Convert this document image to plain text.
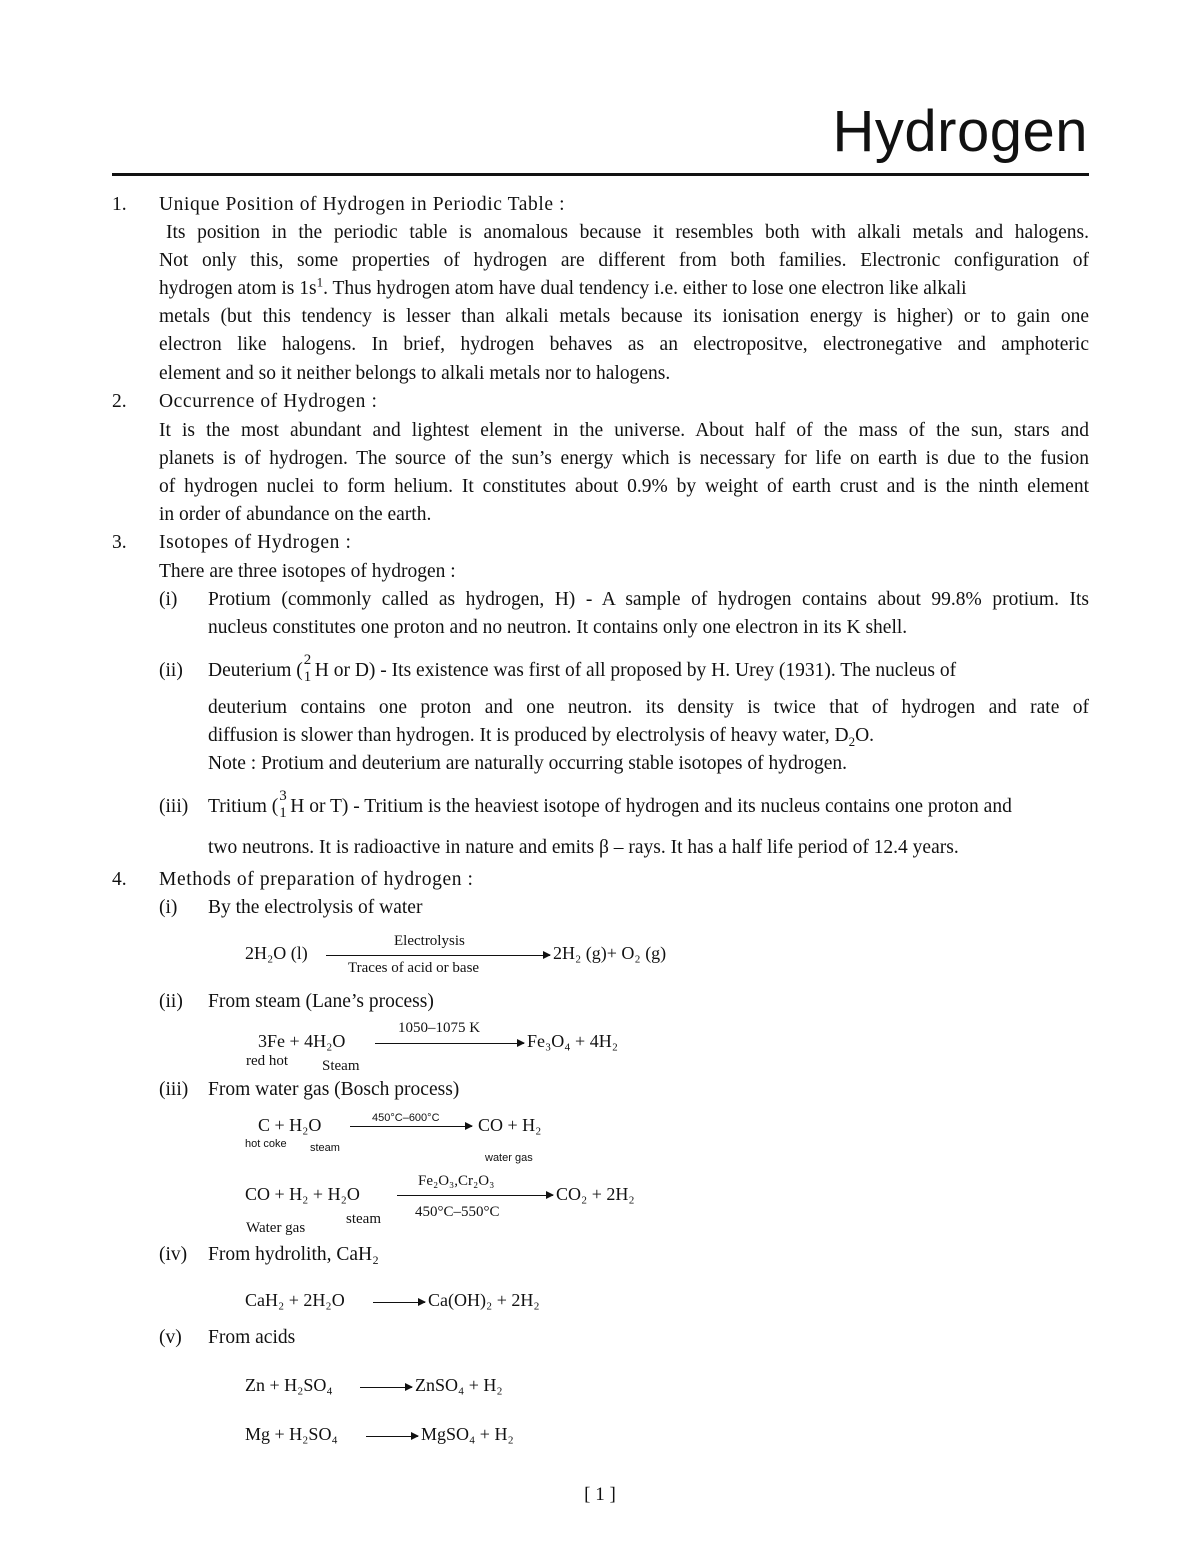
Hydrogen
1. Unique Position of Hydrogen in Periodic Table :
Its position in the periodic table is anomalous because it resembles both with alkali metals and halogens.
Not only this, some properties of hydrogen are different from both families. Electronic configuration of
hydrogen atom is $1s^1$. Thus hydrogen atom have dual tendency i.e. either to lose one electron like alkali
metals (but this tendency is lesser than alkali metals because its ionisation energy is higher) or to gain one
electron like halogens. In brief, hydrogen behaves as an electropositve, electronegative and amphoteric
element and so it neither belongs to alkali metals nor to halogens.
2. Occurrence of Hydrogen :
It is the most abundant and lightest element in the universe. About half of the mass of the sun, stars and
planets is of hydrogen. The source of the sun’s energy which is necessary for life on earth is due to the fusion
of hydrogen nuclei to form helium. It constitutes about 0.9% by weight of earth crust and is the ninth element
in order of abundance on the earth.
3. Isotopes of Hydrogen :
There are three isotopes of hydrogen :
(i) Protium (commonly called as hydrogen, H) - A sample of hydrogen contains about 99.8% protium. Its
nucleus constitutes one proton and no neutron. It contains only one electron in its K shell.
(ii) Deuterium ( 2
1 H or D) - Its existence was first of all proposed by H. Urey (1931). The nucleus of
deuterium contains one proton and one neutron. its density is twice that of hydrogen and rate of
diffusion is slower than hydrogen. It is produced by electrolysis of heavy water, $D_2O$.
Note : Protium and deuterium are naturally occurring stable isotopes of hydrogen.
(iii) Tritium ( 3
1 H or T) - Tritium is the heaviest isotope of hydrogen and its nucleus contains one proton and
two neutrons. It is radioactive in nature and emits β – rays. It has a half life period of 12.4 years.
4. Methods of preparation of hydrogen :
(i) By the electrolysis of water
2H₂O (l)
Electrolysis
Traces of acid or base
2H₂ (g)+ O₂ (g)
(ii) From steam (Lane’s process)
3Fe + 4H₂O
1050–1075 K
Fe₃O₄ + 4H₂
red hot Steam
(iii) From water gas (Bosch process)
C + H₂O	450°C–600°C CO + H₂
hot coke steam
water gas
CO + H₂ + H₂O
Fe₂O₃,Cr₂O₃
450°C–550°C
CO₂ + 2H₂
Water gas
steam
(iv) From hydrolith, CaH₂
CaH₂ + 2H₂O → Ca(OH)₂ + 2H₂
(v) From acids
Zn + H₂SO₄ → ZnSO₄ + H₂
Mg + H₂SO₄ → MgSO₄ + H₂
[ 1 ]
